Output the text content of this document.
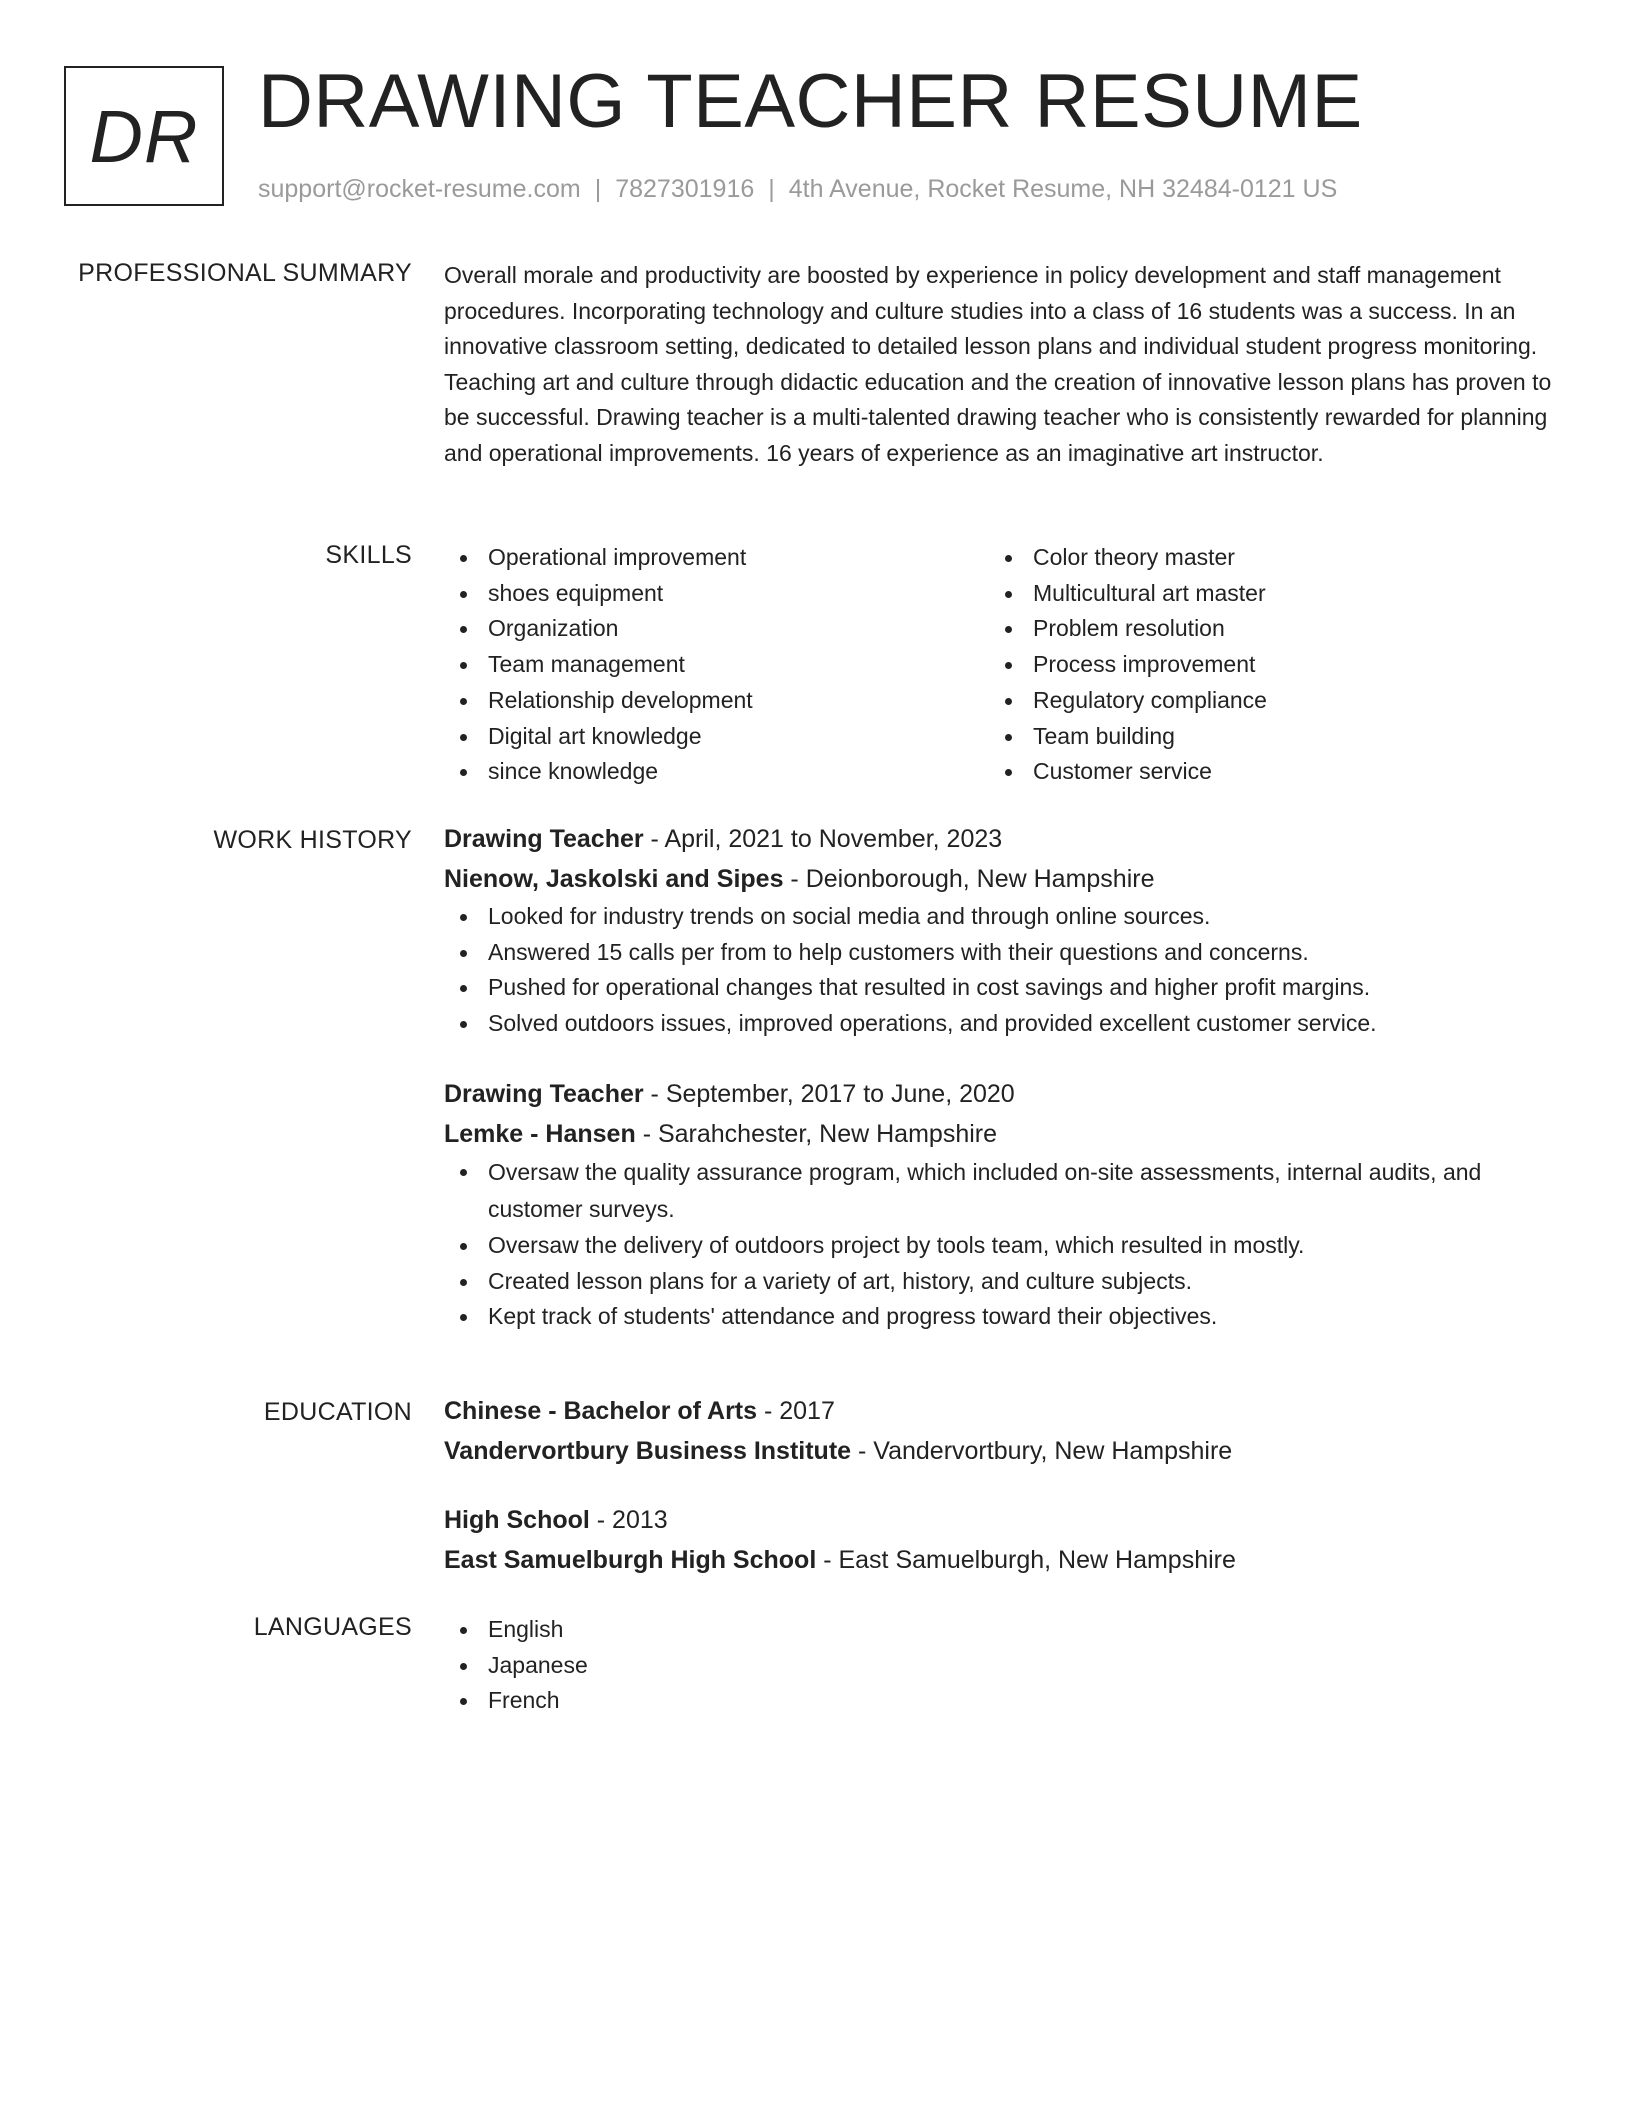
DR DRAWING TEACHER RESUME
support@rocket-resume.com | 7827301916 | 4th Avenue, Rocket Resume, NH 32484-0121 US
PROFESSIONAL SUMMARY Overall morale and productivity are boosted by experience in policy development and staff management procedures. Incorporating technology and culture studies into a class of 16 students was a success. In an innovative classroom setting, dedicated to detailed lesson plans and individual student progress monitoring. Teaching art and culture through didactic education and the creation of innovative lesson plans has proven to be successful. Drawing teacher is a multi-talented drawing teacher who is consistently rewarded for planning and operational improvements. 16 years of experience as an imaginative art instructor.

SKILLS	Operational improvement
shoes equipment
Organization
Team management
Relationship development
Digital art knowledge
since knowledge
Color theory master
Multicultural art master
Problem resolution
Process improvement
Regulatory compliance
Team building
Customer service
WORK HISTORY Drawing Teacher - April, 2021 to November, 2023
Nienow, Jaskolski and Sipes - Deionborough, New Hampshire
Looked for industry trends on social media and through online sources.
Answered 15 calls per from to help customers with their questions and concerns.
Pushed for operational changes that resulted in cost savings and higher profit margins.
Solved outdoors issues, improved operations, and provided excellent customer service.
Drawing Teacher - September, 2017 to June, 2020
Lemke - Hansen - Sarahchester, New Hampshire
Oversaw the quality assurance program, which included on-site assessments, internal audits, and customer surveys.
Oversaw the delivery of outdoors project by tools team, which resulted in mostly.
Created lesson plans for a variety of art, history, and culture subjects.
Kept track of students' attendance and progress toward their objectives.
EDUCATION Chinese - Bachelor of Arts - 2017
Vandervortbury Business Institute - Vandervortbury, New Hampshire
High School - 2013
East Samuelburgh High School - East Samuelburgh, New Hampshire
LANGUAGES	English
Japanese
French
